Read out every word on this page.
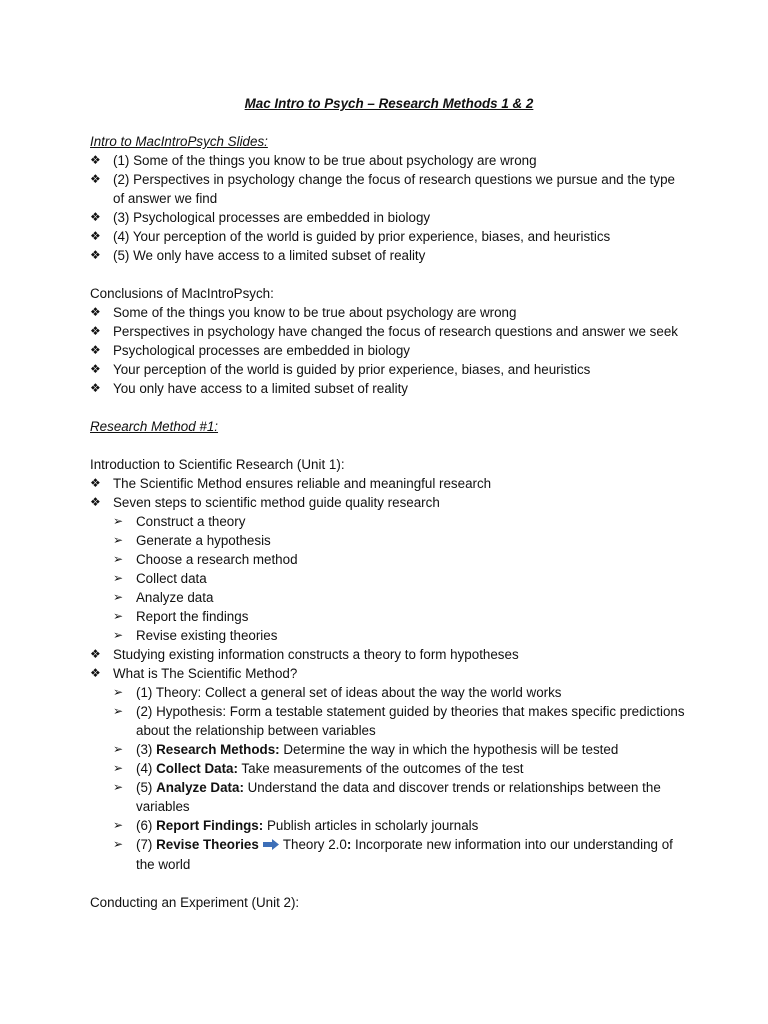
Mac Intro to Psych – Research Methods 1 & 2

Intro to MacIntroPsych Slides:

❖ (1) Some of the things you know to be true about psychology are wrong
❖ (2) Perspectives in psychology change the focus of research questions we pursue and the type of answer we find
❖ (3) Psychological processes are embedded in biology
❖ (4) Your perception of the world is guided by prior experience, biases, and heuristics
❖ (5) We only have access to a limited subset of reality

Conclusions of MacIntroPsych:

❖ Some of the things you know to be true about psychology are wrong
❖ Perspectives in psychology have changed the focus of research questions and answer we seek
❖ Psychological processes are embedded in biology
❖ Your perception of the world is guided by prior experience, biases, and heuristics
❖ You only have access to a limited subset of reality

Research Method #1:

Introduction to Scientific Research (Unit 1):

❖ The Scientific Method ensures reliable and meaningful research
❖ Seven steps to scientific method guide quality research
➢ Construct a theory
➢ Generate a hypothesis
➢ Choose a research method
➢ Collect data
➢ Analyze data
➢ Report the findings
➢ Revise existing theories
❖ Studying existing information constructs a theory to form hypotheses
❖ What is The Scientific Method?
➢ (1) Theory: Collect a general set of ideas about the way the world works
➢ (2) Hypothesis: Form a testable statement guided by theories that makes specific predictions about the relationship between variables
➢ (3) Research Methods: Determine the way in which the hypothesis will be tested
➢ (4) Collect Data: Take measurements of the outcomes of the test
➢ (5) Analyze Data: Understand the data and discover trends or relationships between the variables
➢ (6) Report Findings: Publish articles in scholarly journals
➢ (7) Revise Theories Theory 2.0: Incorporate new information into our understanding of the world

Conducting an Experiment (Unit 2):
